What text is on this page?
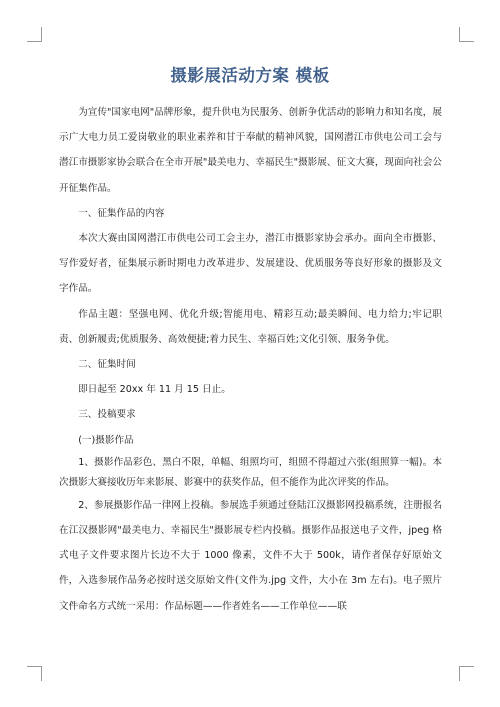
摄影展活动方案 模板

为宣传"国家电网"品牌形象，提升供电为民服务、创新争优活动的影响力和知名度，展示广大电力员工爱岗敬业的职业素养和甘于奉献的精神风貌，国网潜江市供电公司工会与潜江市摄影家协会联合在全市开展"最美电力、幸福民生"摄影展、征文大赛，现面向社会公开征集作品。

一、征集作品的内容

本次大赛由国网潜江市供电公司工会主办，潜江市摄影家协会承办。面向全市摄影、写作爱好者，征集展示新时期电力改革进步、发展建设、优质服务等良好形象的摄影及文字作品。

作品主题：坚强电网、优化升级;智能用电、精彩互动;最美瞬间、电力给力;牢记职责、创新履责;优质服务、高效便捷;着力民生、幸福百姓;文化引领、服务争优。

二、征集时间

即日起至 20xx 年 11 月 15 日止。

三、投稿要求

(一)摄影作品

1、摄影作品彩色、黑白不限，单幅、组照均可，组照不得超过六张(组照算一幅)。本次摄影大赛接收历年来影展、影赛中的获奖作品，但不能作为此次评奖的作品。

2、参展摄影作品一律网上投稿。参展选手须通过登陆江汉摄影网投稿系统，注册报名在江汉摄影网"最美电力、幸福民生"摄影展专栏内投稿。摄影作品报送电子文件，jpeg 格式电子文件要求图片长边不大于 1000 像素，文件不大于 500k，请作者保存好原始文件，入选参展作品务必按时送交原始文件(文件为.jpg 文件，大小在 3m 左右)。电子照片文件命名方式统一采用：作品标题——作者姓名——工作单位——联
